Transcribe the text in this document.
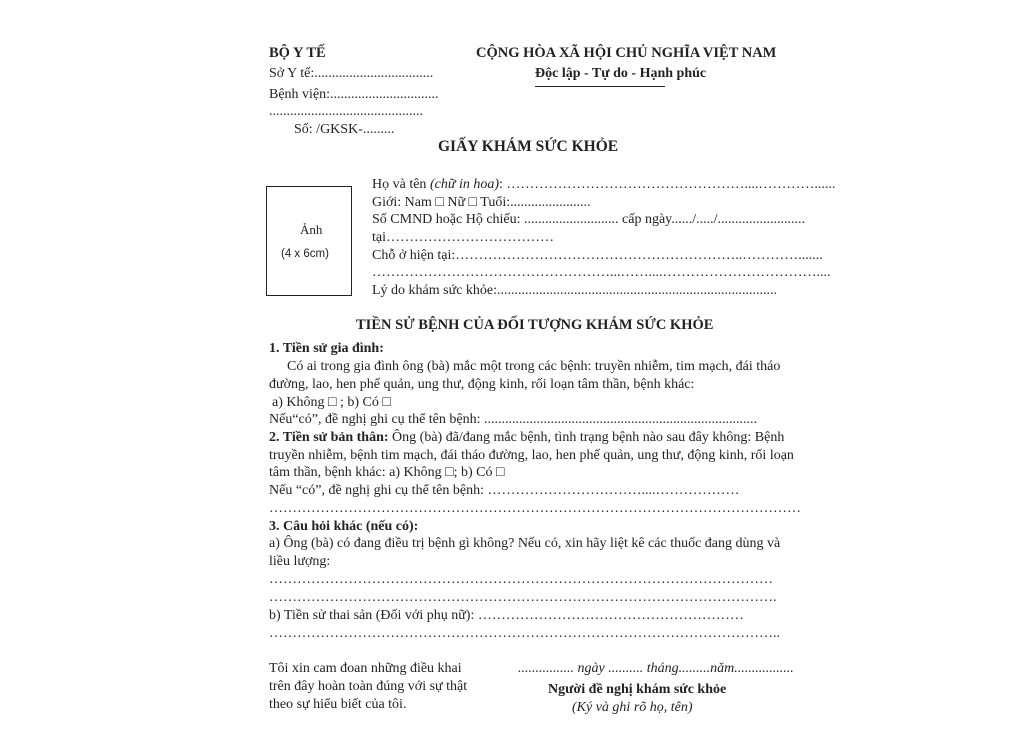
BỘ Y TẾ
Sở Y tế:..................................
Bệnh viện:...............................
............................................
Số: /GKSK-.........
CỘNG HÒA XÃ HỘI CHỦ NGHĨA VIỆT NAM
Độc lập - Tự do - Hạnh phúc
GIẤY KHÁM SỨC KHỎE
Ảnh
(4 x 6cm)
Họ và tên (chữ in hoa): ……………………………………………....…………......
Giới: Nam □ Nữ □ Tuổi:.......................
Số CMND hoặc Hộ chiếu: ........................... cấp ngày....../...../.........................
tại………………………………
Chỗ ở hiện tại:……………………………………………………..………….......
……………………………………………...……....……………………………....
Lý do khám sức khỏe:................................................................................
TIỀN SỬ BỆNH CỦA ĐỐI TƯỢNG KHÁM SỨC KHỎE
1. Tiền sử gia đình:
Có ai trong gia đình ông (bà) mắc một trong các bệnh: truyền nhiễm, tim mạch, đái tháo
đường, lao, hen phế quản, ung thư, động kinh, rối loạn tâm thần, bệnh khác:
a) Không □ ; b) Có □
Nếu“có”, đề nghị ghi cụ thể tên bệnh: ..............................................................................
2. Tiền sử bản thân: Ông (bà) đã/đang mắc bệnh, tình trạng bệnh nào sau đây không: Bệnh
truyền nhiễm, bệnh tim mạch, đái tháo đường, lao, hen phế quản, ung thư, động kinh, rối loạn
tâm thần, bệnh khác: a) Không □; b) Có □
Nếu “có”, đề nghị ghi cụ thể tên bệnh: ……………………………....………………
……………………………………………………………………………………………………
3. Câu hỏi khác (nếu có):
a) Ông (bà) có đang điều trị bệnh gì không? Nếu có, xin hãy liệt kê các thuốc đang dùng và
liều lượng:
………………………………………………………………………………………………
……………………………………………………………………………………………….
b) Tiền sử thai sản (Đối với phụ nữ): …………………………………………………
………………………………………………………………………………………………..
Tôi xin cam đoan những điều khai
trên đây hoàn toàn đúng với sự thật
theo sự hiểu biết của tôi.
................ ngày .......... tháng.........năm.................
Người đề nghị khám sức khỏe
(Ký và ghi rõ họ, tên)
